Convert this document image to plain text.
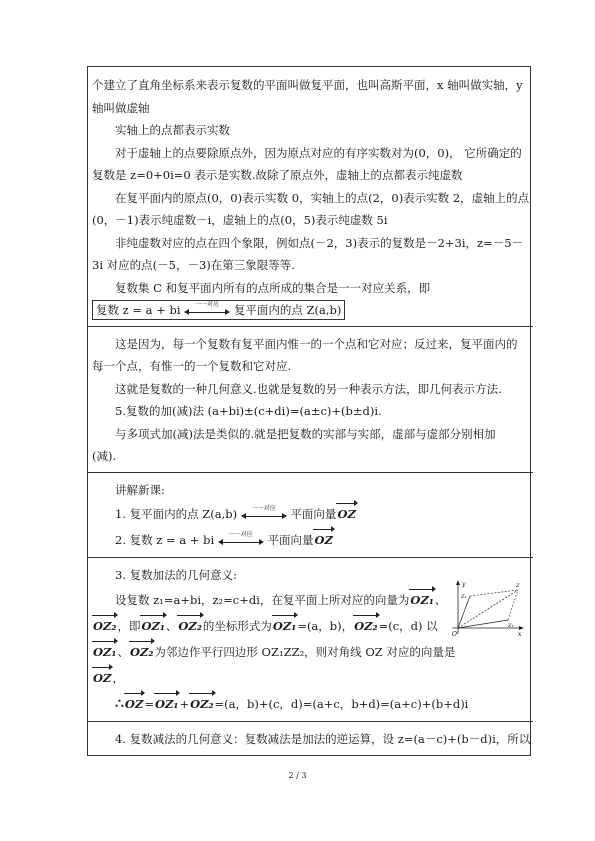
个建立了直角坐标系来表示复数的平面叫做复平面，也叫高斯平面，x 轴叫做实轴，y
轴叫做虚轴
实轴上的点都表示实数
对于虚轴上的点要除原点外，因为原点对应的有序实数对为(0，0)， 它所确定的
复数是 z=0+0i=0 表示是实数.故除了原点外，虚轴上的点都表示纯虚数
在复平面内的原点(0，0)表示实数 0，实轴上的点(2，0)表示实数 2，虚轴上的点
(0，－1)表示纯虚数－i，虚轴上的点(0，5)表示纯虚数 5i
非纯虚数对应的点在四个象限，例如点(－2，3)表示的复数是－2+3i，z=－5－
3i 对应的点(－5，－3)在第三象限等等.
复数集 C 和复平面内所有的点所成的集合是一一对应关系，即
复数 z = a + bi	一一对应	复平面内的点 Z(a,b)
这是因为，每一个复数有复平面内惟一的一个点和它对应；反过来，复平面内的
每一个点，有惟一的一个复数和它对应.
这就是复数的一种几何意义.也就是复数的另一种表示方法，即几何表示方法.
5.复数的加(减)法 (a+bi)±(c+di)=(a±c)+(b±d)i.
与多项式加(减)法是类似的.就是把复数的实部与实部，虚部与虚部分别相加
(减).
讲解新课:
1. 复平面内的点 Z(a,b)	一一对应	平面向量OZ
2. 复数 z = a + bi	一一对应	平面向量OZ
3. 复数加法的几何意义:
设复数 z₁=a+bi，z₂=c+di，在复平面上所对应的向量为OZ₁、
OZ₂，即OZ₁、OZ₂的坐标形式为OZ₁=(a，b)，OZ₂=(c，d) 以
OZ₁、OZ₂为邻边作平行四边形 OZ₁ZZ₂，则对角线 OZ 对应的向量是
OZ，
∴OZ=OZ₁+OZ₂=(a，b)+(c，d)=(a+c，b+d)=(a+c)+(b+d)i
4. 复数减法的几何意义：复数减法是加法的逆运算，设 z=(a－c)+(b－d)i，所以
y
x
O
Z₂
Z₁
Z
2 / 3
